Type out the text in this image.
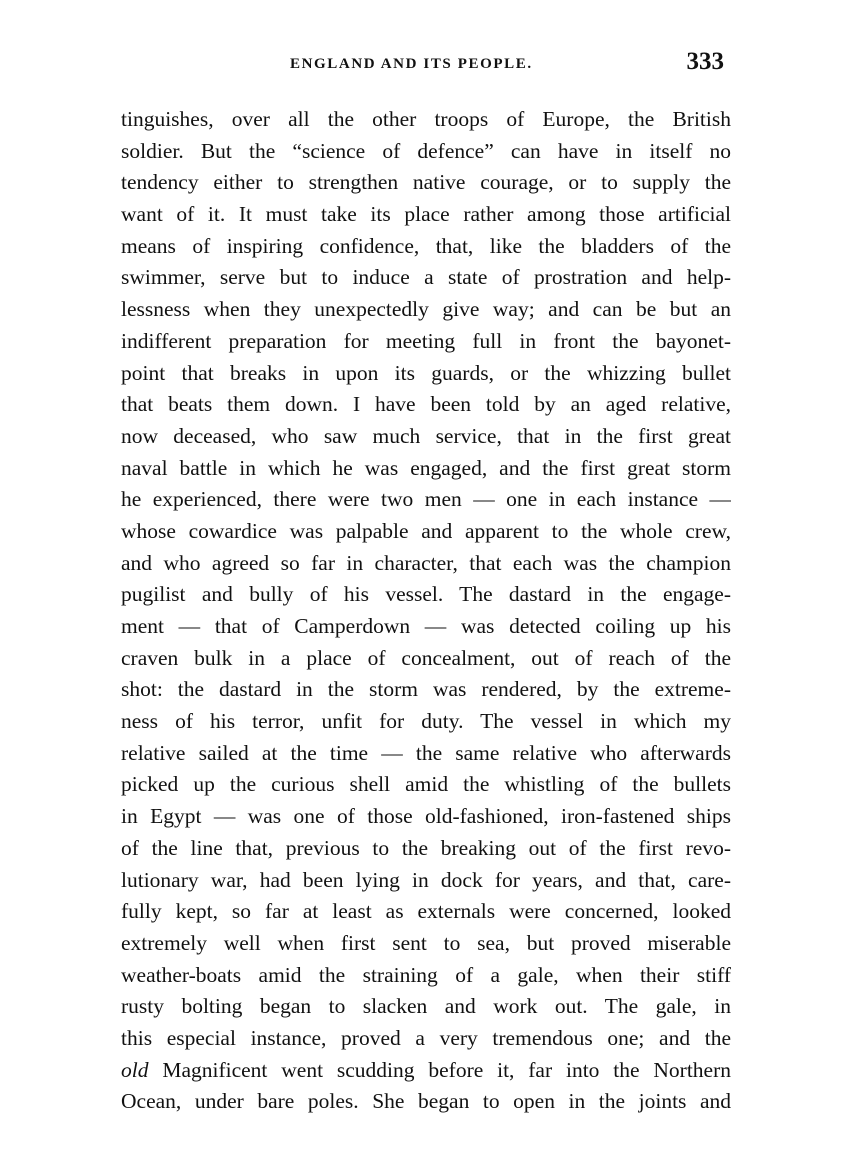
ENGLAND AND ITS PEOPLE.	333
tinguishes, over all the other troops of Europe, the British
soldier. But the “science of defence” can have in itself no
tendency either to strengthen native courage, or to supply the
want of it. It must take its place rather among those artificial
means of inspiring confidence, that, like the bladders of the
swimmer, serve but to induce a state of prostration and help-
lessness when they unexpectedly give way; and can be but an
indifferent preparation for meeting full in front the bayonet-
point that breaks in upon its guards, or the whizzing bullet
that beats them down. I have been told by an aged relative,
now deceased, who saw much service, that in the first great
naval battle in which he was engaged, and the first great storm
he experienced, there were two men — one in each instance —
whose cowardice was palpable and apparent to the whole crew,
and who agreed so far in character, that each was the champion
pugilist and bully of his vessel. The dastard in the engage-
ment — that of Camperdown — was detected coiling up his
craven bulk in a place of concealment, out of reach of the
shot: the dastard in the storm was rendered, by the extreme-
ness of his terror, unfit for duty. The vessel in which my
relative sailed at the time — the same relative who afterwards
picked up the curious shell amid the whistling of the bullets
in Egypt — was one of those old-fashioned, iron-fastened ships
of the line that, previous to the breaking out of the first revo-
lutionary war, had been lying in dock for years, and that, care-
fully kept, so far at least as externals were concerned, looked
extremely well when first sent to sea, but proved miserable
weather-boats amid the straining of a gale, when their stiff
rusty bolting began to slacken and work out. The gale, in
this especial instance, proved a very tremendous one; and the
old Magnificent went scudding before it, far into the Northern
Ocean, under bare poles. She began to open in the joints and
